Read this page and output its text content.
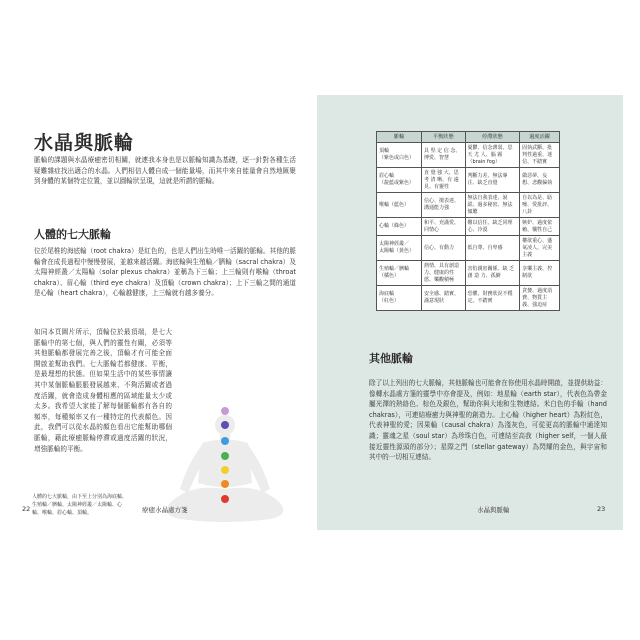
水晶與脈輪

脈輪的課題與水晶療癒密切相關，就連我本身也是以脈輪知識為基礎，逐一針對各種生活疑難雜症找出適合的水晶。人們相信人體自成一個能量場，而其中來自能量會自然地匯聚到身體的某個特定位置，並以圓輪狀呈現，這就是所謂的脈輪。

人體的七大脈輪

位於尾椎的海底輪（root chakra）是紅色的，也是人們出生時唯一活躍的脈輪。其他的脈輪會在成長過程中慢慢發展，並越來越活躍。海底輪與生殖輪／臍輪（sacral chakra）及太陽神經叢／太陽輪（solar plexus chakra）並稱為下三輪；上三輪則有喉輪（throat chakra）、眉心輪（third eye chakra）及頂輪（crown chakra）；上下三輪之間的通道是心輪（heart chakra），心輪越健康，上三輪就有越多養分。

如同本頁圖片所示，頂輪位於最頂端，是七大脈輪中的第七個，與人們的靈性有關，必須等其他脈輪都發展完善之後，頂輪才有可能全面開啟並幫助我們。七大脈輪若都健康、平衡，是最理想的狀態。但如果生活中的某些事情讓其中某個脈輪脹脹發展越來、不夠活躍或者過度活躍，就會造成身體相應的區域能量太少或太多。我希望大家能了解每個脈輪都有各自的頻率，每種頻率又有一種特定的代表顏色。因此，我們可以從水晶的顏色看出它能幫助哪個脈輪，藉此療癒脈輪停滯或過度活躍的狀況，增強脈輪的平衡。

人體的七大脈輪，由下至上分別為海底輪、生殖輪／臍輪、太陽神經叢／太陽輪、心輪、喉輪、眉心輪、頂輪。

22	療癒水晶處方箋
脈輪	平衡狀態	停滯狀態	過度活躍
頂輪
（紫色或白色）	具 堅 定 信 念、博愛、智慧	憂鬱、信念薄弱、思 天 尤 人、腦 霧（brain fog）	固執武斷、批判性過重、迷信、不踏實
眉心輪
（靛藍或紫色）	直 覺 強 大、思 考 清 晰、有 遠見、有靈性	判斷力差、無法專注、缺乏直覺	做惡夢、妄想、悲觀偏執
喉輪（藍色）	信心、擅表達、溝通能力強	無法自我表達、說謊、過多秘密、無法傾聽	自以為是、聒噪、愛批評、八卦
心輪（綠色）	和平、充滿愛、同情心	難以信任、缺乏同理心、冷漠	嫉妒、過度依賴、犧牲自己
太陽神經叢／
太陽輪（黃色）	信心、有動力	低自尊、自卑感	權欲重心、盛氣凌人、完美主義
生殖輪／臍輪
（橘色）	熱情、具有創造力、健康的性慾、樂觀積極	害怕親密關係、缺 乏 創 造 力、孤僻	享樂主義、控制欲
海底輪
（紅色）	安全感、踏實、滿意現狀	恐懼、財務狀況不穩定、不踏實	貪婪、過度消費、物質主義、強迫症
其他脈輪

除了以上列出的七大脈輪，其他脈輪也可能會在你使用水晶時開啟，並提供助益：像轉水晶處方箋的靈學中亦會提及，例如：地星輪（earth star），代表色為帶金屬光澤的熱絡色、棕色及銀色，幫助你與大地和生物連結。米白色的手輪（hand chakras），可連結療癒力與神聖的創造力。上心輪（higher heart）為粉紅色，代表神聖的愛；因果輪（causal chakra）為淺灰色，可從更高的脈輪中通達知識；靈魂之星（soul star）為珍珠白色，可連結至高我（higher self，一個人最接近靈性源頭的部分）；星際之門（stellar gateway）為閃耀的金色，與宇宙和其中的一切相互連結。

水晶與脈輪	23
